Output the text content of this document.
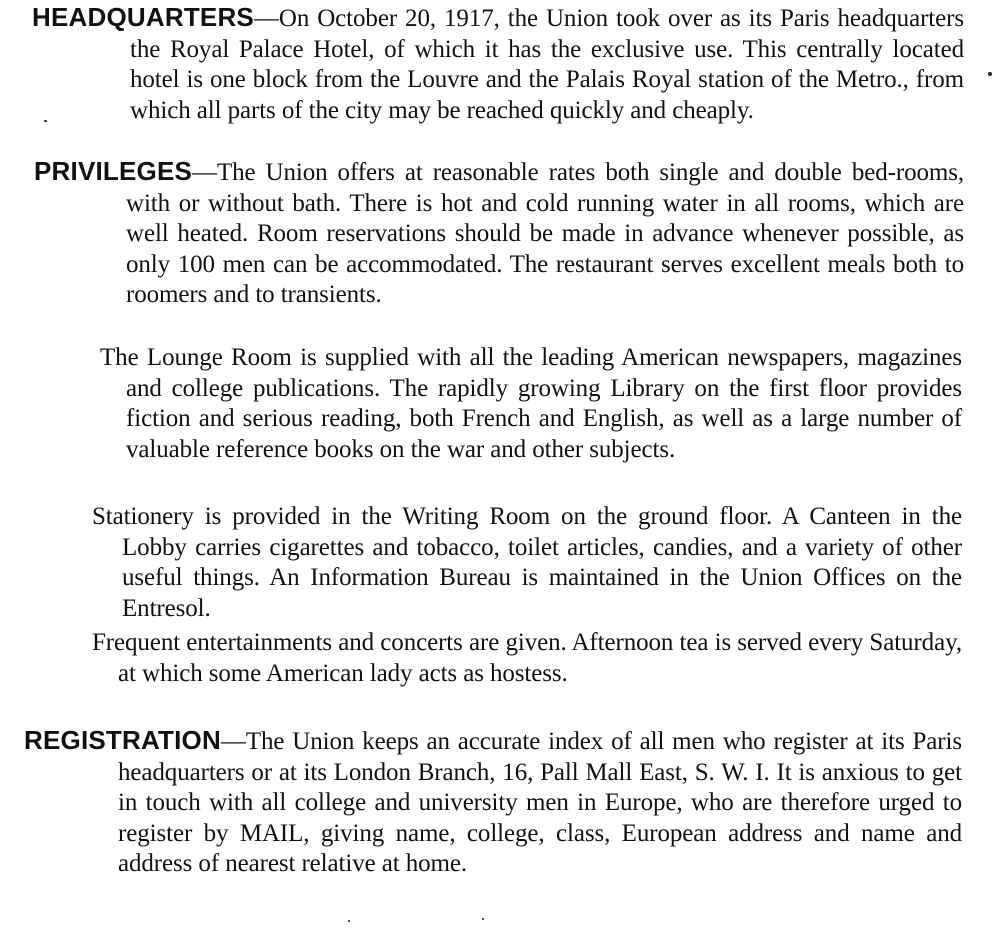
HEADQUARTERS—On October 20, 1917, the Union took over as its Paris headquarters the Royal Palace Hotel, of which it has the exclusive use. This centrally located hotel is one block from the Louvre and the Palais Royal station of the Metro., from which all parts of the city may be reached quickly and cheaply.

PRIVILEGES—The Union offers at reasonable rates both single and double bed-rooms, with or without bath. There is hot and cold running water in all rooms, which are well heated. Room reservations should be made in advance whenever possible, as only 100 men can be accommodated. The restaurant serves excellent meals both to roomers and to transients.

The Lounge Room is supplied with all the leading American newspapers, magazines and college publications. The rapidly growing Library on the first floor provides fiction and serious reading, both French and English, as well as a large number of valuable reference books on the war and other subjects.

Stationery is provided in the Writing Room on the ground floor. A Canteen in the Lobby carries cigarettes and tobacco, toilet articles, candies, and a variety of other useful things. An Information Bureau is maintained in the Union Offices on the Entresol.

Frequent entertainments and concerts are given. Afternoon tea is served every Saturday, at which some American lady acts as hostess.

REGISTRATION—The Union keeps an accurate index of all men who register at its Paris headquarters or at its London Branch, 16, Pall Mall East, S. W. I. It is anxious to get in touch with all college and university men in Europe, who are therefore urged to register by MAIL, giving name, college, class, European address and name and address of nearest relative at home.
